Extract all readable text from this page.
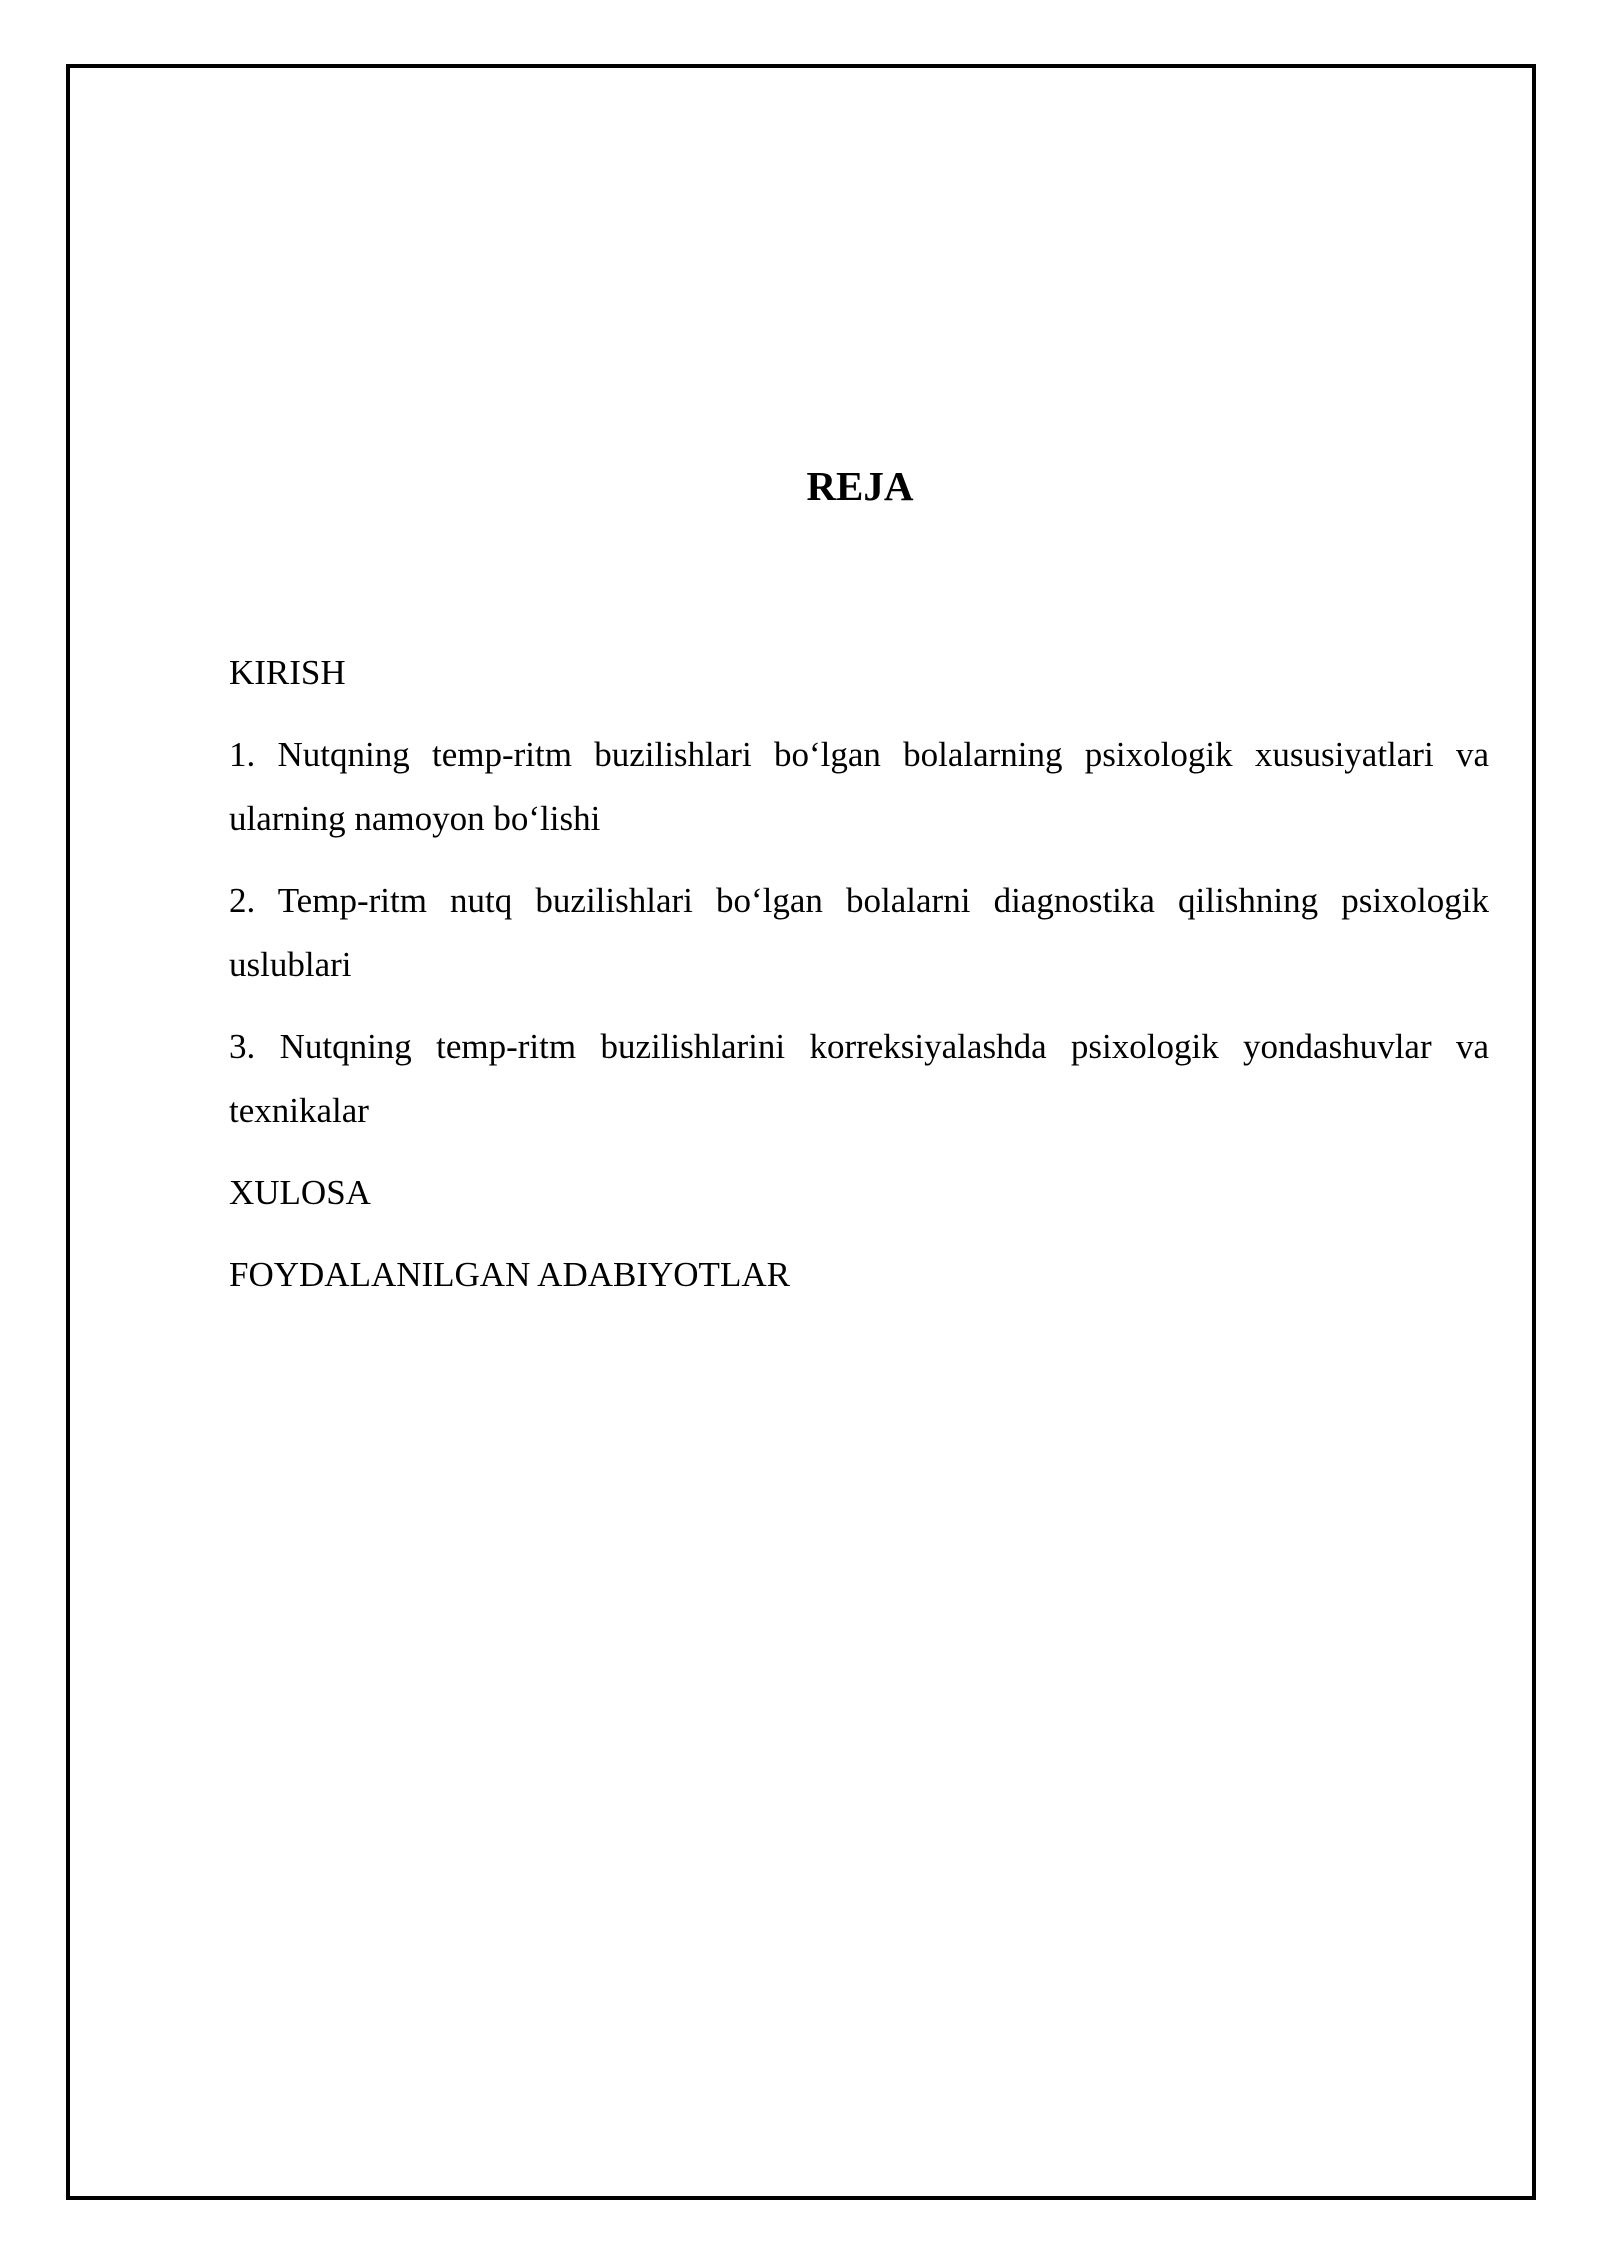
REJA
KIRISH
1. Nutqning temp-ritm buzilishlari bo‘lgan bolalarning psixologik xususiyatlari va ularning namoyon bo‘lishi
2. Temp-ritm nutq buzilishlari bo‘lgan bolalarni diagnostika qilishning psixologik uslublari
3. Nutqning temp-ritm buzilishlarini korreksiyalashda psixologik yondashuvlar va texnikalar
XULOSA
FOYDALANILGAN ADABIYOTLAR
